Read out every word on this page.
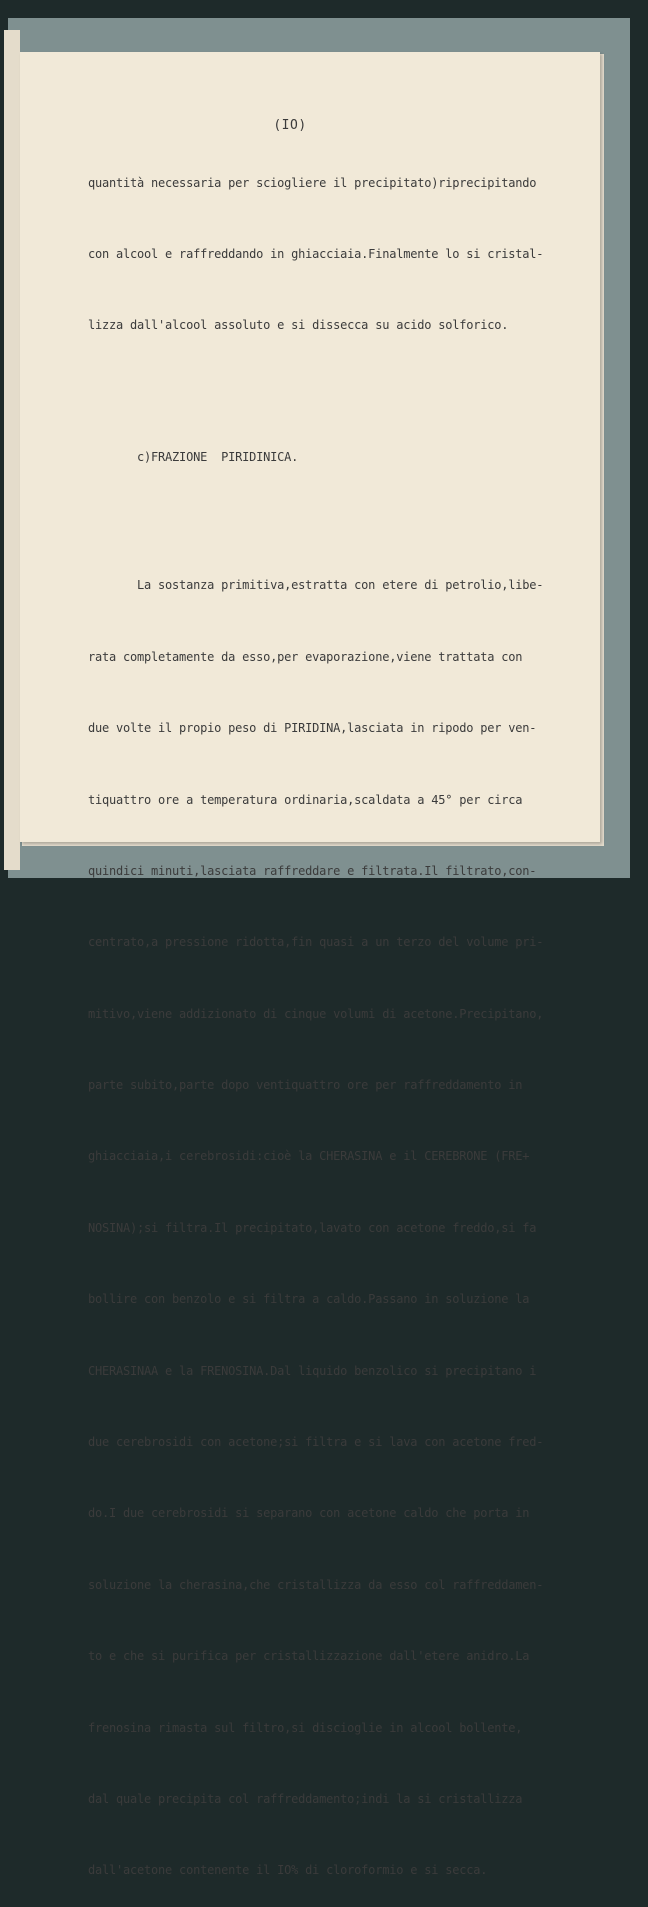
(IO)

quantità necessaria per sciogliere il precipitato)riprecipitando

con alcool e raffreddando in ghiacciaia.Finalmente lo si cristal-

lizza dall'alcool assoluto e si dissecca su acido solforico.

c)FRAZIONE  PIRIDINICA.

La sostanza primitiva,estratta con etere di petrolio,libe-

rata completamente da esso,per evaporazione,viene trattata con

due volte il propio peso di PIRIDINA,lasciata in ripodo per ven-

tiquattro ore a temperatura ordinaria,scaldata a 45° per circa

quindici minuti,lasciata raffreddare e filtrata.Il filtrato,con-

centrato,a pressione ridotta,fin quasi a un terzo del volume pri-

mitivo,viene addizionato di cinque volumi di acetone.Precipitano,

parte subito,parte dopo ventiquattro ore per raffreddamento in

ghiacciaia,i cerebrosidi:cioè la CHERASINA e il CEREBRONE (FRE+

NOSINA);si filtra.Il precipitato,lavato con acetone freddo,si fa

bollire con benzolo e si filtra a caldo.Passano in soluzione la

CHERASINAA e la FRENOSINA.Dal liquido benzolico si precipitano i

due cerebrosidi con acetone;si filtra e si lava con acetone fred-

do.I due cerebrosidi si separano con acetone caldo che porta in

soluzione la cherasina,che cristallizza da esso col raffreddamen-

to e che si purifica per cristallizzazione dall'etere anidro.La

frenosina rimasta sul filtro,si discioglie in alcool bollente,

dal quale precipita col raffreddamento;indi la si cristallizza

dall'acetone contenente il IO% di cloroformio e si secca.
